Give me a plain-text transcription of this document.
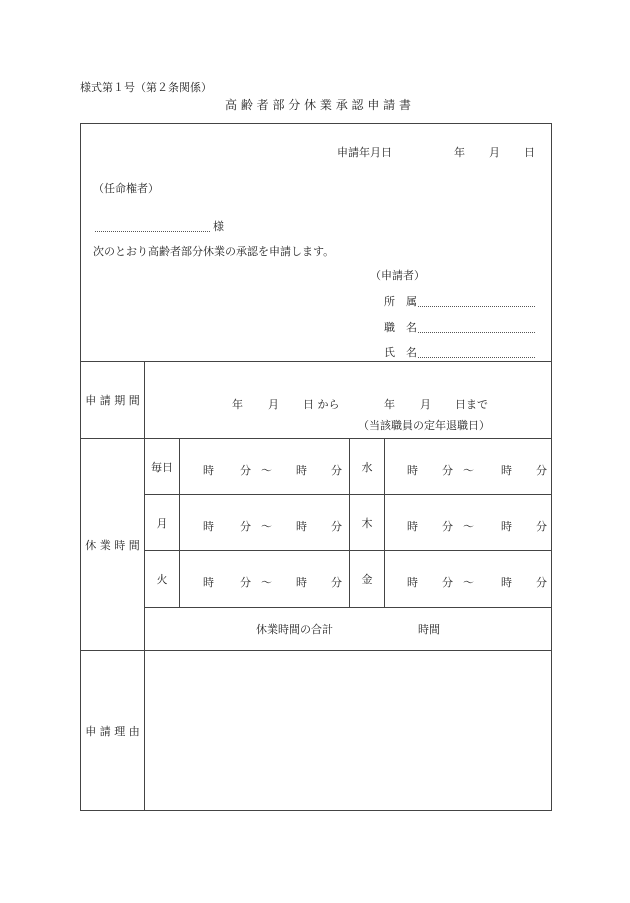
様式第１号（第２条関係）
高 齢 者 部 分 休 業 承 認 申 請 書
申請年月日	年 月 日
（任命権者）
様
次のとおり高齢者部分休業の承認を申請します。
（申請者）
所　属
職　名
氏　名
申 請 期 間	年 月 日 から	年 月 日まで
（当該職員の定年退職日）
休 業 時 間
毎日	時 分 ～ 時 分	水	時 分 ～ 時 分
月	時 分 ～ 時 分	木	時 分 ～ 時 分
火	時 分 ～ 時 分	金	時 分 ～ 時 分
休業時間の合計	時間
申 請 理 由
